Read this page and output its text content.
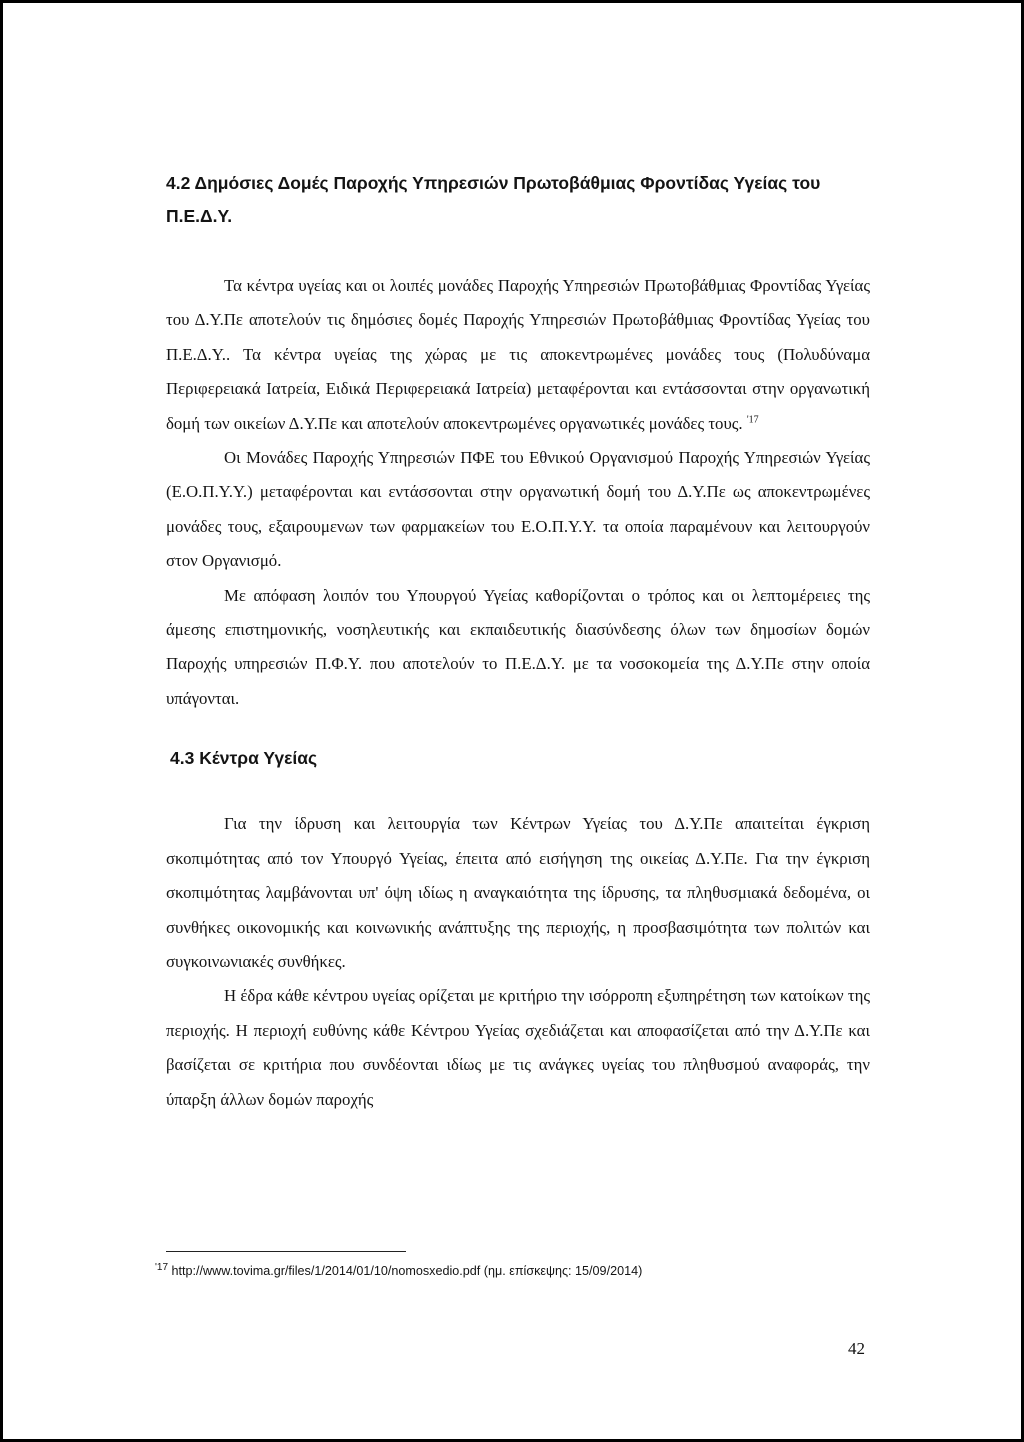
4.2 Δημόσιες Δομές Παροχής Υπηρεσιών Πρωτοβάθμιας Φροντίδας Υγείας του Π.Ε.Δ.Υ.

Τα κέντρα υγείας και οι λοιπές μονάδες Παροχής Υπηρεσιών Πρωτοβάθμιας Φροντίδας Υγείας του Δ.Υ.Πε αποτελούν τις δημόσιες δομές Παροχής Υπηρεσιών Πρωτοβάθμιας Φροντίδας Υγείας του Π.Ε.Δ.Υ.. Τα κέντρα υγείας της χώρας με τις αποκεντρωμένες μονάδες τους (Πολυδύναμα Περιφερειακά Ιατρεία, Ειδικά Περιφερειακά Ιατρεία) μεταφέρονται και εντάσσονται στην οργανωτική δομή των οικείων Δ.Υ.Πε και αποτελούν αποκεντρωμένες οργανωτικές μονάδες τους. $^{'17}$

Οι Μονάδες Παροχής Υπηρεσιών ΠΦΕ του Εθνικού Οργανισμού Παροχής Υπηρεσιών Υγείας (Ε.Ο.Π.Υ.Υ.) μεταφέρονται και εντάσσονται στην οργανωτική δομή του Δ.Υ.Πε ως αποκεντρωμένες μονάδες τους, εξαιρουμενων των φαρμακείων του Ε.Ο.Π.Υ.Υ. τα οποία παραμένουν και λειτουργούν στον Οργανισμό.

Με απόφαση λοιπόν του Υπουργού Υγείας καθορίζονται ο τρόπος και οι λεπτομέρειες της άμεσης επιστημονικής, νοσηλευτικής και εκπαιδευτικής διασύνδεσης όλων των δημοσίων δομών Παροχής υπηρεσιών Π.Φ.Υ. που αποτελούν το Π.Ε.Δ.Υ. με τα νοσοκομεία της Δ.Υ.Πε στην οποία υπάγονται.

4.3 Κέντρα Υγείας

Για την ίδρυση και λειτουργία των Κέντρων Υγείας του Δ.Υ.Πε απαιτείται έγκριση σκοπιμότητας από τον Υπουργό Υγείας, έπειτα από εισήγηση της οικείας Δ.Υ.Πε. Για την έγκριση σκοπιμότητας λαμβάνονται υπ' όψη ιδίως η αναγκαιότητα της ίδρυσης, τα πληθυσμιακά δεδομένα, οι συνθήκες οικονομικής και κοινωνικής ανάπτυξης της περιοχής, η προσβασιμότητα των πολιτών και συγκοινωνιακές συνθήκες.

Η έδρα κάθε κέντρου υγείας ορίζεται με κριτήριο την ισόρροπη εξυπηρέτηση των κατοίκων της περιοχής. Η περιοχή ευθύνης κάθε Κέντρου Υγείας σχεδιάζεται και αποφασίζεται από την Δ.Υ.Πε και βασίζεται σε κριτήρια που συνδέονται ιδίως με τις ανάγκες υγείας του πληθυσμού αναφοράς, την ύπαρξη άλλων δομών παροχής

$^{'17}$ http://www.tovima.gr/files/1/2014/01/10/nomosxedio.pdf (ημ. επίσκεψης: 15/09/2014)
42
